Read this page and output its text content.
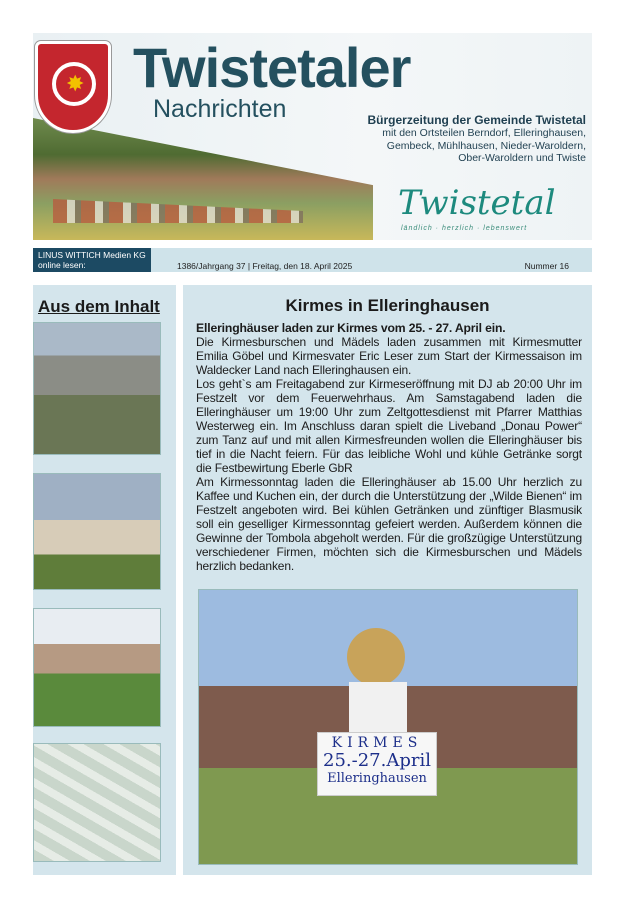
✸ Twistetaler
Nachrichten	Bürgerzeitung der Gemeinde Twistetal
mit den Ortsteilen Berndorf, Elleringhausen,
Gembeck, Mühlhausen, Nieder-Waroldern,
Ober-Waroldern und Twiste
Twistetal
ländlich · herzlich · lebenswert
LINUS WITTICH Medien KG
online lesen: www.wittich.de
1386/Jahrgang 37 | Freitag, den 18. April 2025	Nummer 16
Aus dem Inhalt	Kirmes in Elleringhausen
Elleringhäuser laden zur Kirmes vom 25. - 27. April ein.

Die Kirmesburschen und Mädels laden zusammen mit Kirmesmutter Emilia Göbel und Kirmesvater Eric Leser zum Start der Kirmessaison im Waldecker Land nach Elleringhausen ein.

Los geht`s am Freitagabend zur Kirmeseröffnung mit DJ ab 20:00 Uhr im Festzelt vor dem Feuerwehrhaus. Am Samstagabend laden die Elleringhäuser um 19:00 Uhr zum Zeltgottesdienst mit Pfarrer Matthias Westerweg ein. Im Anschluss daran spielt die Liveband „Donau Power“ zum Tanz auf und mit allen Kirmesfreunden wollen die Elleringhäuser bis tief in die Nacht feiern. Für das leibliche Wohl und kühle Getränke sorgt die Festbewirtung Eberle GbR

Am Kirmessonntag laden die Elleringhäuser ab 15.00 Uhr herzlich zu Kaffee und Kuchen ein, der durch die Unterstützung der „Wilde Bienen“ im Festzelt angeboten wird. Bei kühlen Getränken und zünftiger Blasmusik soll ein geselliger Kirmessonntag gefeiert werden. Außerdem können die Gewinne der Tombola abgeholt werden. Für die großzügige Unterstützung verschiedener Firmen, möchten sich die Kirmesburschen und Mädels herzlich bedanken.

KIRMES
25.-27.April
Elleringhausen
